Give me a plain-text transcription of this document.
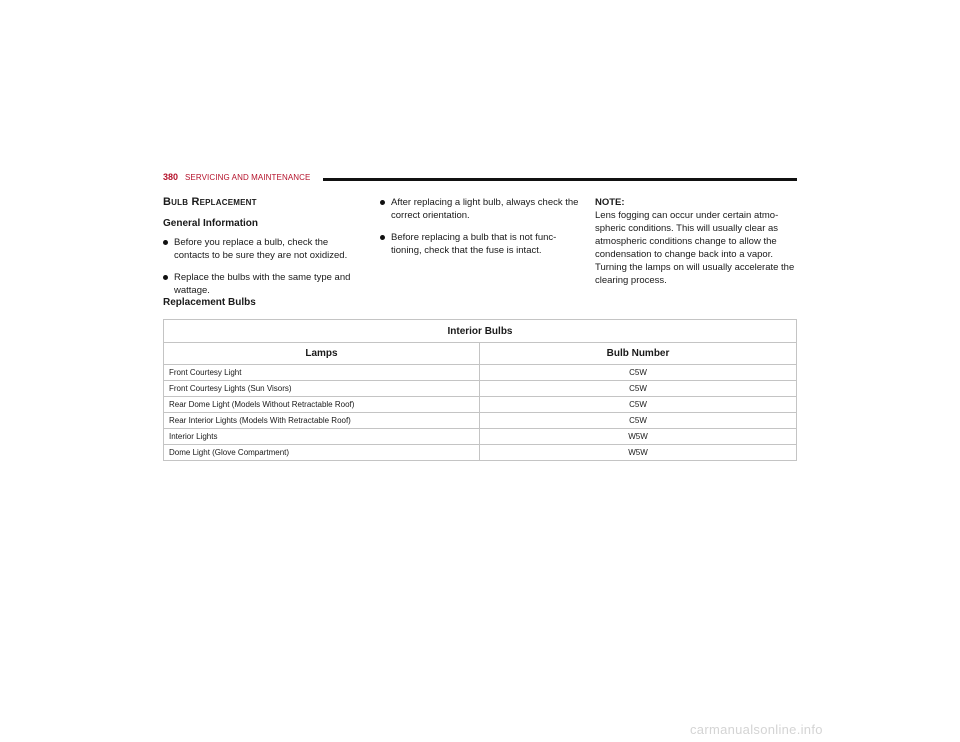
380 SERVICING AND MAINTENANCE
Bulb Replacement
General Information
Before you replace a bulb, check the contacts to be sure they are not oxidized.
Replace the bulbs with the same type and wattage.
After replacing a light bulb, always check the correct orientation.
Before replacing a bulb that is not func-tioning, check that the fuse is intact.
NOTE:
Lens fogging can occur under certain atmo-spheric conditions. This will usually clear as atmospheric conditions change to allow the condensation to change back into a vapor. Turning the lamps on will usually accelerate the clearing process.
Replacement Bulbs
Interior Bulbs	
Lamps	Bulb Number
Front Courtesy Light	C5W
Front Courtesy Lights (Sun Visors)	C5W
Rear Dome Light (Models Without Retractable Roof)	C5W
Rear Interior Lights (Models With Retractable Roof)	C5W
Interior Lights	W5W
Dome Light (Glove Compartment)	W5W
carmanualsonline.info
